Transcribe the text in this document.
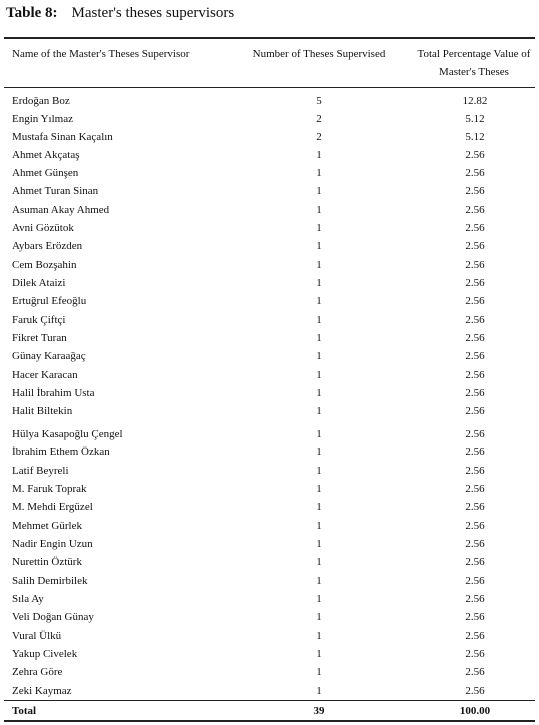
Table 8: Master's theses supervisors
Name of the Master's Theses Supervisor	Number of Theses Supervised	Total Percentage Value of
Master's Theses
Erdoğan Boz	5	12.82
Engin Yılmaz	2	5.12
Mustafa Sinan Kaçalın	2	5.12
Ahmet Akçataş	1	2.56
Ahmet Günşen	1	2.56
Ahmet Turan Sinan	1	2.56
Asuman Akay Ahmed	1	2.56
Avni Gözütok	1	2.56
Aybars Erözden	1	2.56
Cem Bozşahin	1	2.56
Dilek Ataizi	1	2.56
Ertuğrul Efeoğlu	1	2.56
Faruk Çiftçi	1	2.56
Fikret Turan	1	2.56
Günay Karaağaç	1	2.56
Hacer Karacan	1	2.56
Halil İbrahim Usta	1	2.56
Halit Biltekin	1	2.56
Hülya Kasapoğlu Çengel	1	2.56
İbrahim Ethem Özkan	1	2.56
Latif Beyreli	1	2.56
M. Faruk Toprak	1	2.56
M. Mehdi Ergüzel	1	2.56
Mehmet Gürlek	1	2.56
Nadir Engin Uzun	1	2.56
Nurettin Öztürk	1	2.56
Salih Demirbilek	1	2.56
Sıla Ay	1	2.56
Veli Doğan Günay	1	2.56
Vural Ülkü	1	2.56
Yakup Civelek	1	2.56
Zehra Göre	1	2.56
Zeki Kaymaz	1	2.56
Total	39	100.00
